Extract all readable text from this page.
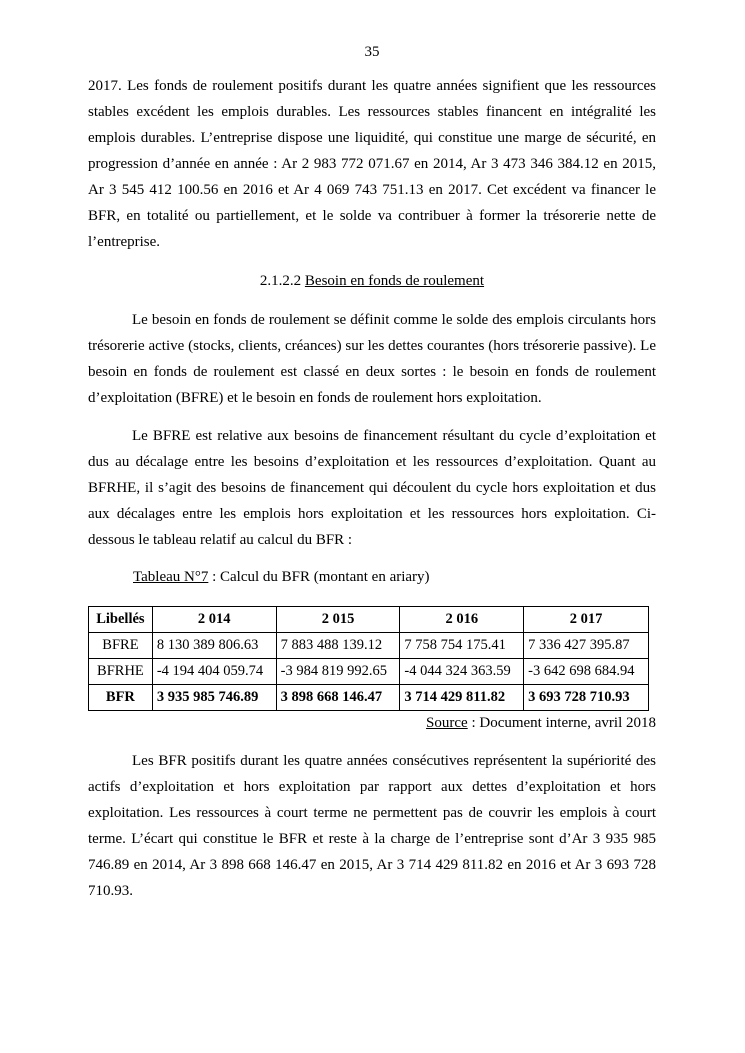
35

2017. Les fonds de roulement positifs durant les quatre années signifient que les ressources stables excédent les emplois durables. Les ressources stables financent en intégralité les emplois durables. L’entreprise dispose une liquidité, qui constitue une marge de sécurité, en progression d’année en année : Ar 2 983 772 071.67 en 2014, Ar 3 473 346 384.12 en 2015, Ar 3 545 412 100.56 en 2016 et Ar 4 069 743 751.13 en 2017. Cet excédent va financer le BFR, en totalité ou partiellement, et le solde va contribuer à former la trésorerie nette de l’entreprise.

2.1.2.2 Besoin en fonds de roulement

Le besoin en fonds de roulement se définit comme le solde des emplois circulants hors trésorerie active (stocks, clients, créances) sur les dettes courantes (hors trésorerie passive). Le besoin en fonds de roulement est classé en deux sortes : le besoin en fonds de roulement d’exploitation (BFRE) et le besoin en fonds de roulement hors exploitation.

Le BFRE est relative aux besoins de financement résultant du cycle d’exploitation et dus au décalage entre les besoins d’exploitation et les ressources d’exploitation. Quant au BFRHE, il s’agit des besoins de financement qui découlent du cycle hors exploitation et dus aux décalages entre les emplois hors exploitation et les ressources hors exploitation. Ci-dessous le tableau relatif au calcul du BFR :

Tableau N°7 : Calcul du BFR (montant en ariary)
Libellés	2 014	2 015	2 016	2 017
BFRE	8 130 389 806.63	7 883 488 139.12	7 758 754 175.41	7 336 427 395.87
BFRHE	-4 194 404 059.74	-3 984 819 992.65	-4 044 324 363.59	-3 642 698 684.94
BFR	3 935 985 746.89	3 898 668 146.47	3 714 429 811.82	3 693 728 710.93
Source : Document interne, avril 2018

Les BFR positifs durant les quatre années consécutives représentent la supériorité des actifs d’exploitation et hors exploitation par rapport aux dettes d’exploitation et hors exploitation. Les ressources à court terme ne permettent pas de couvrir les emplois à court terme. L’écart qui constitue le BFR et reste à la charge de l’entreprise sont d’Ar 3 935 985 746.89 en 2014, Ar 3 898 668 146.47 en 2015, Ar 3 714 429 811.82 en 2016 et Ar 3 693 728 710.93.
